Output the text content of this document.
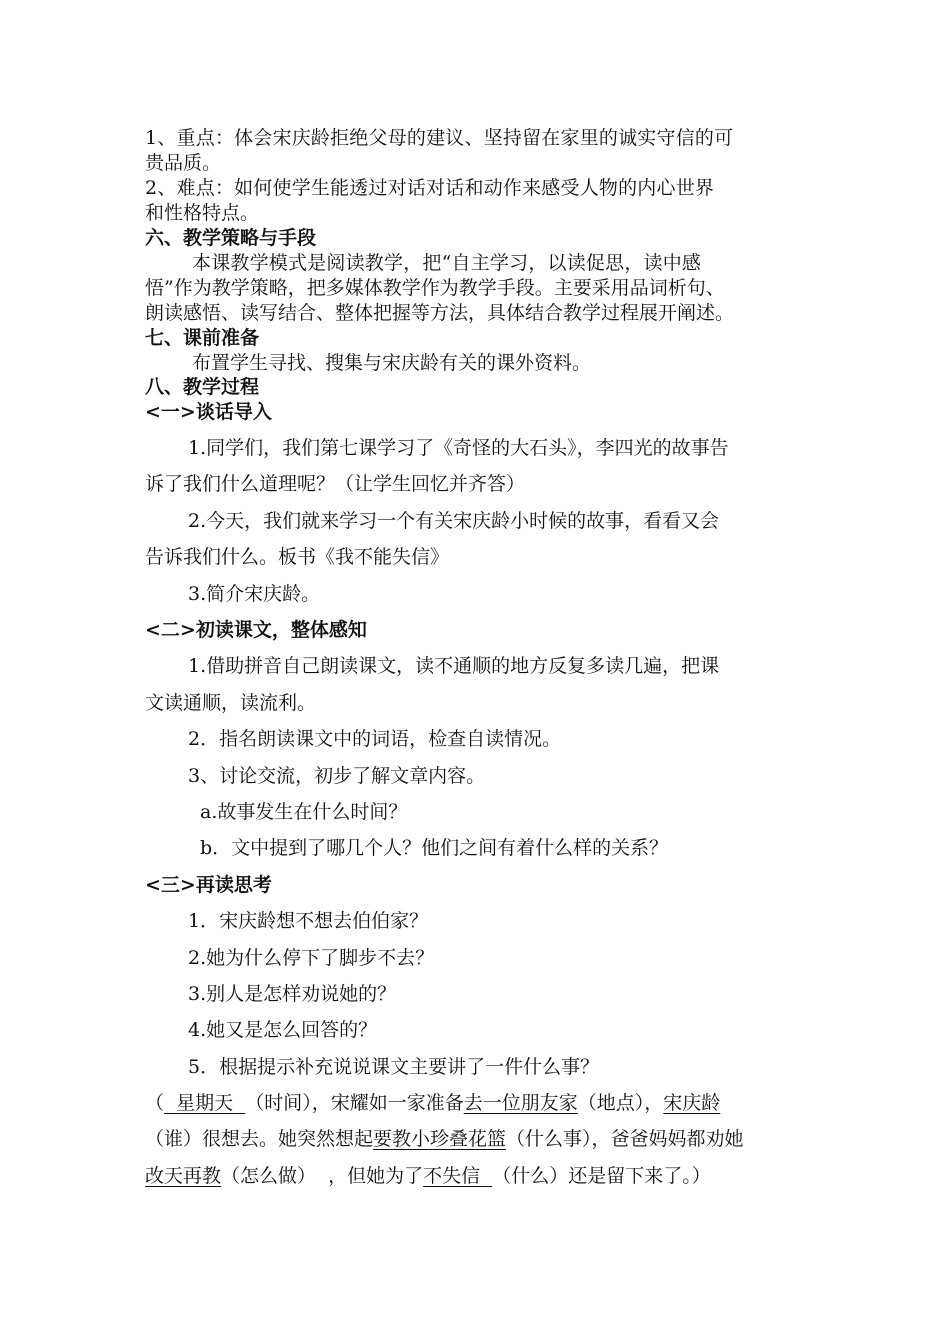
1、重点：体会宋庆龄拒绝父母的建议、坚持留在家里的诚实守信的可
贵品质。
2、难点：如何使学生能透过对话对话和动作来感受人物的内心世界
和性格特点。
六、教学策略与手段
本课教学模式是阅读教学，把“自主学习，以读促思，读中感
悟”作为教学策略，把多媒体教学作为教学手段。主要采用品词析句、
朗读感悟、读写结合、整体把握等方法，具体结合教学过程展开阐述。
七、课前准备
布置学生寻找、搜集与宋庆龄有关的课外资料。
八、教学过程
<一>谈话导入
1.同学们，我们第七课学习了《奇怪的大石头》，李四光的故事告
诉了我们什么道理呢？（让学生回忆并齐答）
2.今天，我们就来学习一个有关宋庆龄小时候的故事，看看又会
告诉我们什么。板书《我不能失信》
3.简介宋庆龄。
<二>初读课文，整体感知
1.借助拼音自己朗读课文，读不通顺的地方反复多读几遍，把课
文读通顺，读流利。
2．指名朗读课文中的词语，检查自读情况。
3、讨论交流，初步了解文章内容。
a.故事发生在什么时间？
b．文中提到了哪几个人？他们之间有着什么样的关系？
<三>再读思考
1．宋庆龄想不想去伯伯家？
2.她为什么停下了脚步不去？
3.别人是怎样劝说她的？
4.她又是怎么回答的？
5．根据提示补充说说课文主要讲了一件什么事？
（ 星期天 （时间），宋耀如一家准备去一位朋友家（地点），宋庆龄
（谁）很想去。她突然想起要教小珍叠花篮（什么事），爸爸妈妈都劝她
改天再教（怎么做）  ，但她为了不失信 （什么）还是留下来了。）
